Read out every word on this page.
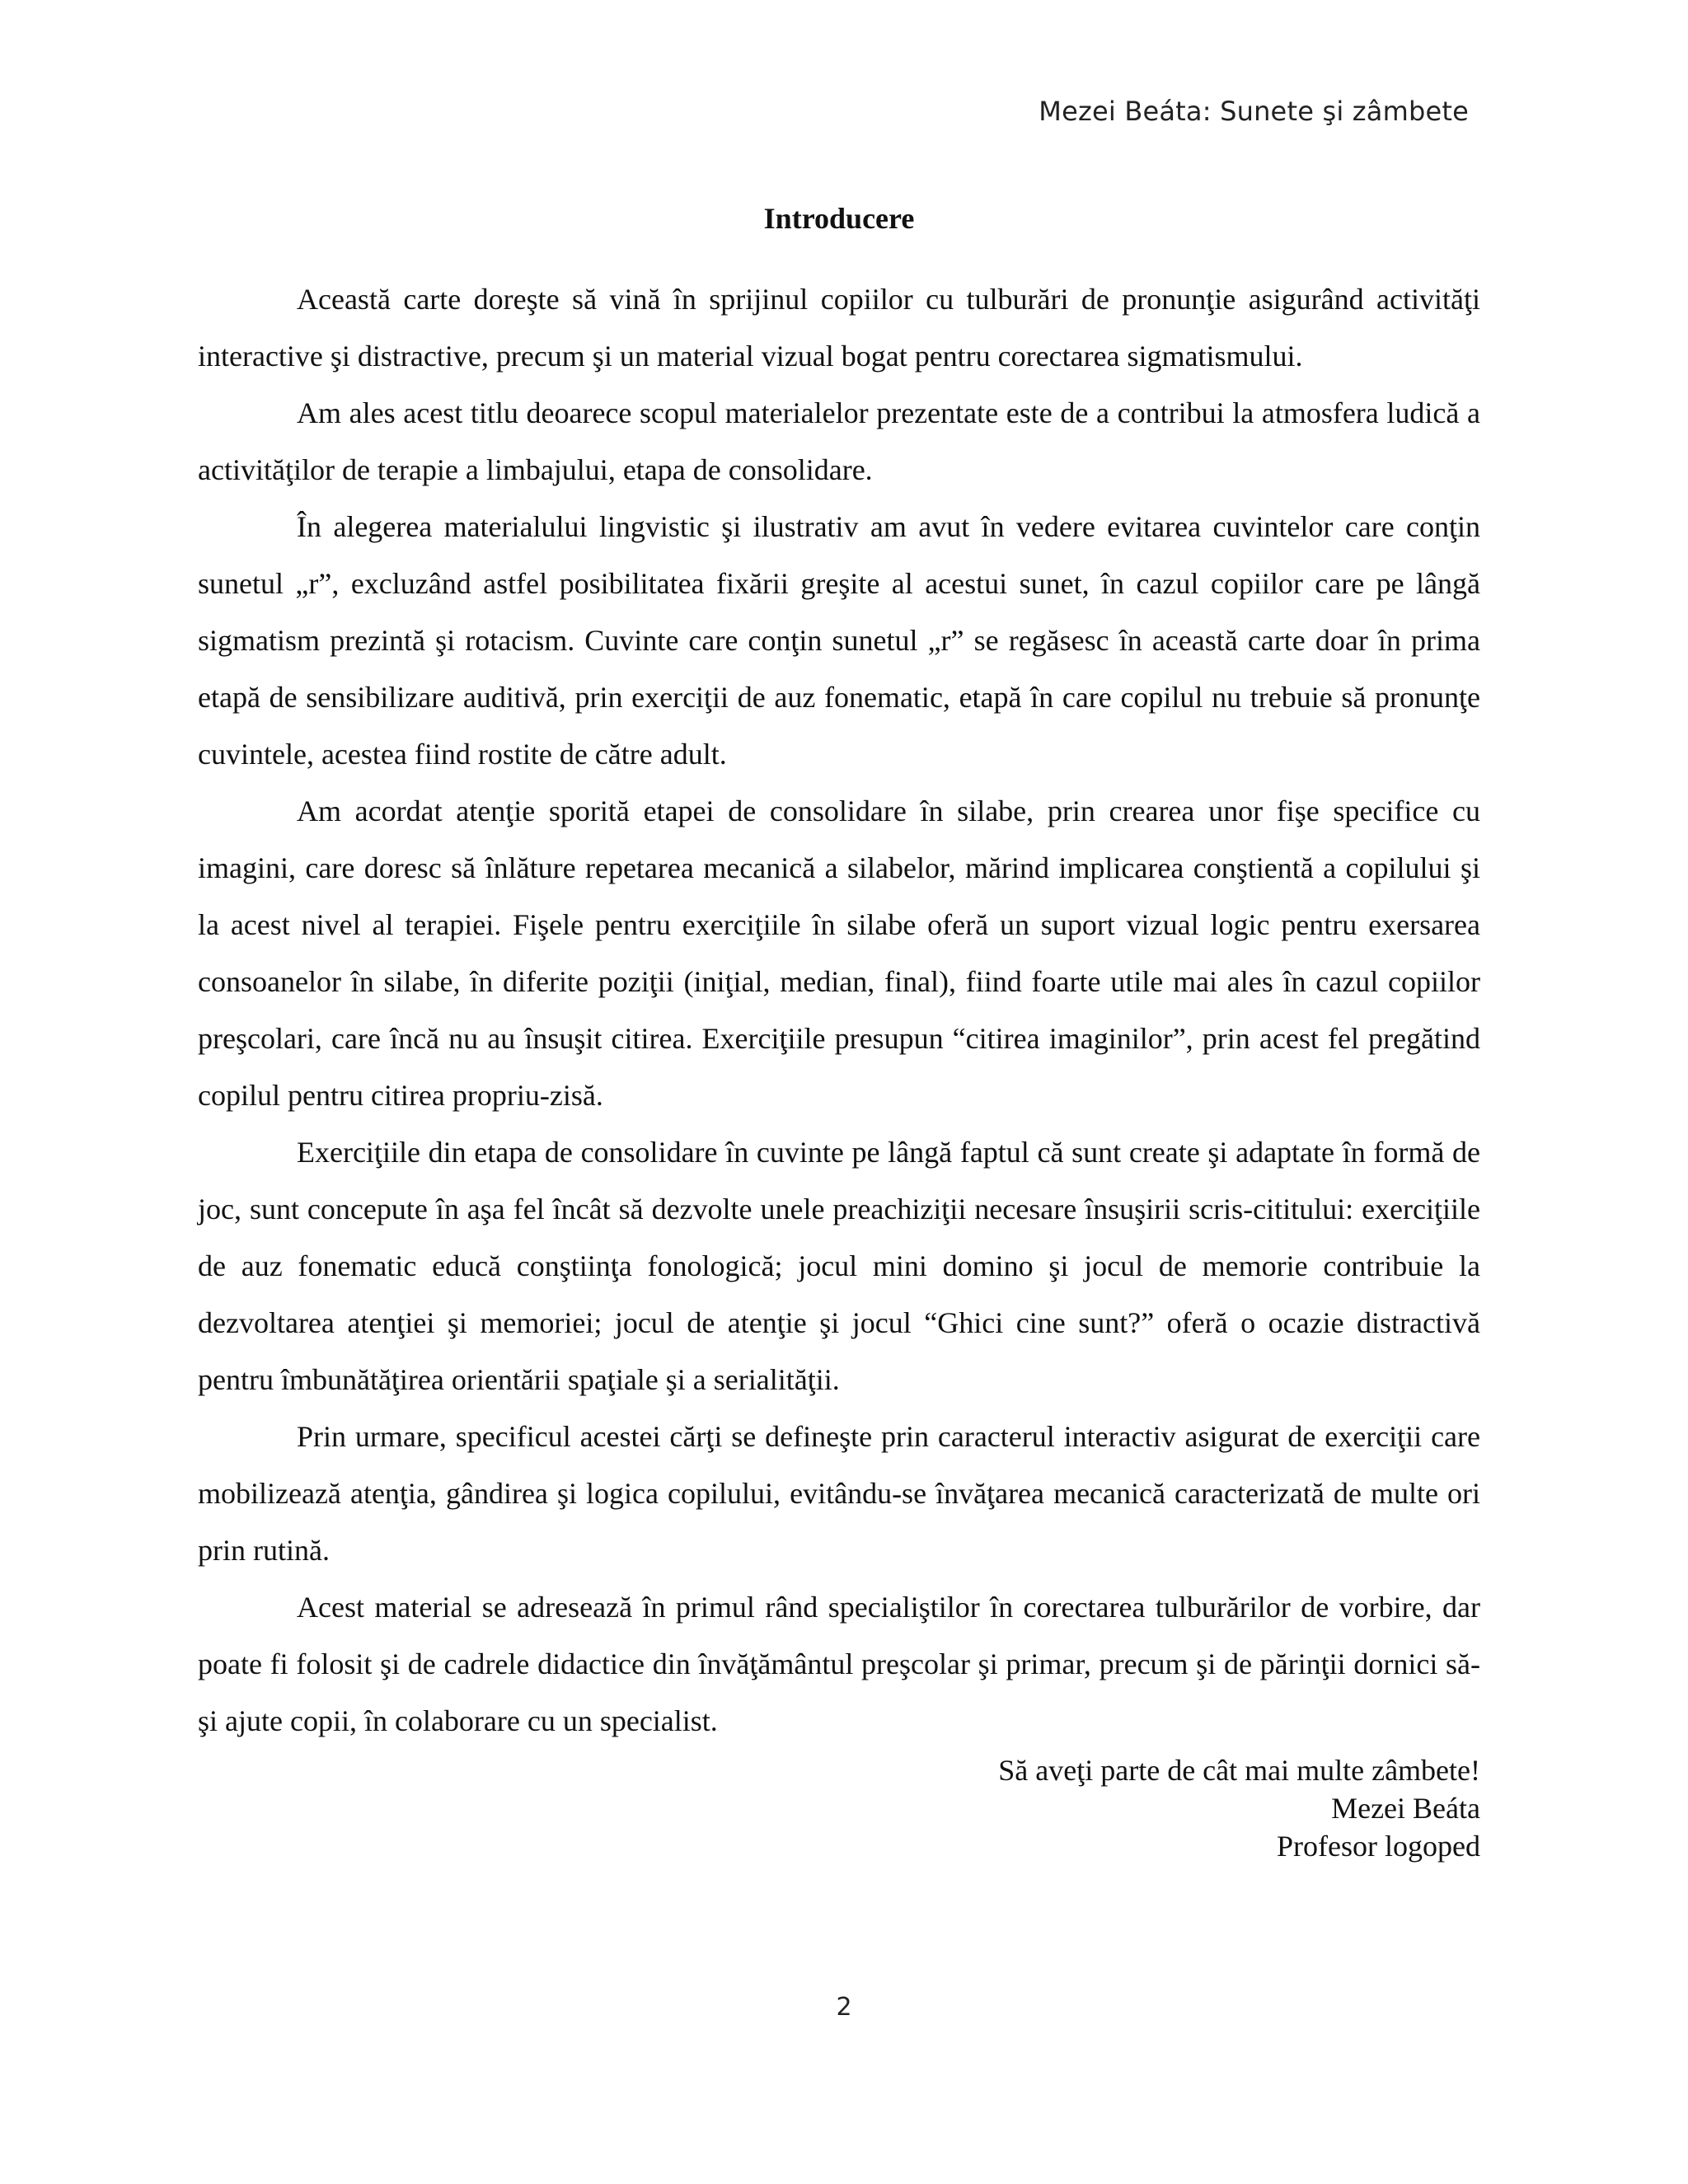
Mezei Beáta: Sunete şi zâmbete
Introducere

Această carte doreşte să vină în sprijinul copiilor cu tulburări de pronunţie asigurând activităţi interactive şi distractive, precum şi un material vizual bogat pentru corectarea sigmatismului.

Am ales acest titlu deoarece scopul materialelor prezentate este de a contribui la atmosfera ludică a activităţilor de terapie a limbajului, etapa de consolidare.

În alegerea materialului lingvistic şi ilustrativ am avut în vedere evitarea cuvintelor care conţin sunetul „r”, excluzând astfel posibilitatea fixării greşite al acestui sunet, în cazul copiilor care pe lângă sigmatism prezintă şi rotacism. Cuvinte care conţin sunetul „r” se regăsesc în această carte doar în prima etapă de sensibilizare auditivă, prin exerciţii de auz fonematic, etapă în care copilul nu trebuie să pronunţe cuvintele, acestea fiind rostite de către adult.

Am acordat atenţie sporită etapei de consolidare în silabe, prin crearea unor fişe specifice cu imagini, care doresc să înlăture repetarea mecanică a silabelor, mărind implicarea conştientă a copilului şi la acest nivel al terapiei. Fişele pentru exerciţiile în silabe oferă un suport vizual logic pentru exersarea consoanelor în silabe, în diferite poziţii (iniţial, median, final), fiind foarte utile mai ales în cazul copiilor preşcolari, care încă nu au însuşit citirea. Exerciţiile presupun “citirea imaginilor”, prin acest fel pregătind copilul pentru citirea propriu-zisă.

Exerciţiile din etapa de consolidare în cuvinte pe lângă faptul că sunt create şi adaptate în formă de joc, sunt concepute în aşa fel încât să dezvolte unele preachiziţii necesare însuşirii scris-cititului: exerciţiile de auz fonematic educă conştiinţa fonologică; jocul mini domino şi jocul de memorie contribuie la dezvoltarea atenţiei şi memoriei; jocul de atenţie şi jocul “Ghici cine sunt?” oferă o ocazie distractivă pentru îmbunătăţirea orientării spaţiale şi a serialităţii.

Prin urmare, specificul acestei cărţi se defineşte prin caracterul interactiv asigurat de exerciţii care mobilizează atenţia, gândirea şi logica copilului, evitându-se învăţarea mecanică caracterizată de multe ori prin rutină.

Acest material se adresează în primul rând specialiştilor în corectarea tulburărilor de vorbire, dar poate fi folosit şi de cadrele didactice din învăţământul preşcolar şi primar, precum şi de părinţii dornici să-şi ajute copii, în colaborare cu un specialist.

Să aveţi parte de cât mai multe zâmbete!
Mezei Beáta
Profesor logoped
2
